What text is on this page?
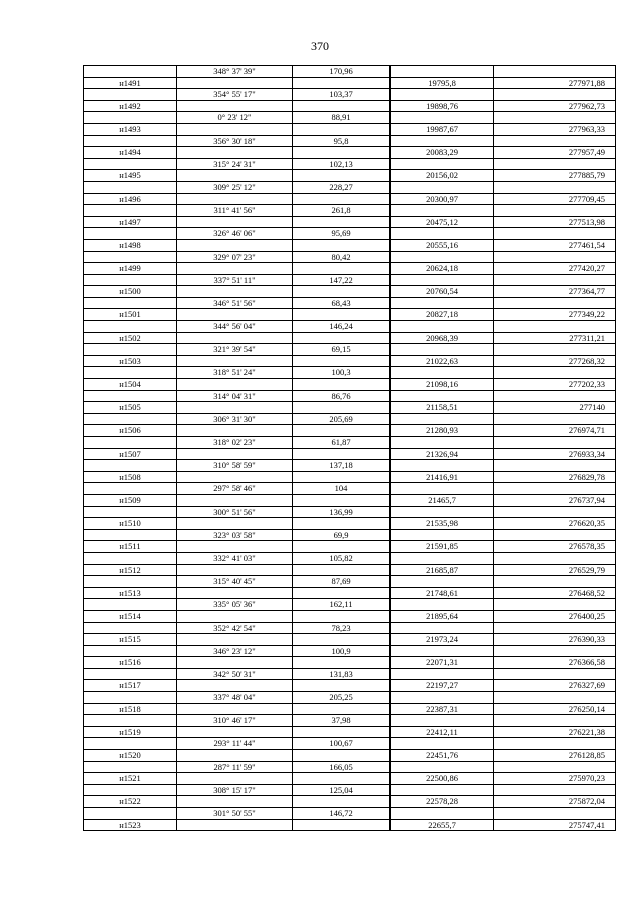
370
	348° 37' 39"	170,96			
н1491				19795,8	277971,88
	354° 55' 17"	103,37			
н1492				19898,76	277962,73
	0° 23' 12"	88,91			
н1493				19987,67	277963,33
	356° 30' 18"	95,8			
н1494				20083,29	277957,49
	315° 24' 31"	102,13			
н1495				20156,02	277885,79
	309° 25' 12"	228,27			
н1496				20300,97	277709,45
	311° 41' 56"	261,8			
н1497				20475,12	277513,98
	326° 46' 06"	95,69			
н1498				20555,16	277461,54
	329° 07' 23"	80,42			
н1499				20624,18	277420,27
	337° 51' 11"	147,22			
н1500				20760,54	277364,77
	346° 51' 56"	68,43			
н1501				20827,18	277349,22
	344° 56' 04"	146,24			
н1502				20968,39	277311,21
	321° 39' 54"	69,15			
н1503				21022,63	277268,32
	318° 51' 24"	100,3			
н1504				21098,16	277202,33
	314° 04' 31"	86,76			
н1505				21158,51	277140
	306° 31' 30"	205,69			
н1506				21280,93	276974,71
	318° 02' 23"	61,87			
н1507				21326,94	276933,34
	310° 58' 59"	137,18			
н1508				21416,91	276829,78
	297° 58' 46"	104			
н1509				21465,7	276737,94
	300° 51' 56"	136,99			
н1510				21535,98	276620,35
	323° 03' 58"	69,9			
н1511				21591,85	276578,35
	332° 41' 03"	105,82			
н1512				21685,87	276529,79
	315° 40' 45"	87,69			
н1513				21748,61	276468,52
	335° 05' 36"	162,11			
н1514				21895,64	276400,25
	352° 42' 54"	78,23			
н1515				21973,24	276390,33
	346° 23' 12"	100,9			
н1516				22071,31	276366,58
	342° 50' 31"	131,83			
н1517				22197,27	276327,69
	337° 48' 04"	205,25			
н1518				22387,31	276250,14
	310° 46' 17"	37,98			
н1519				22412,11	276221,38
	293° 11' 44"	100,67			
н1520				22451,76	276128,85
	287° 11' 59"	166,05			
н1521				22500,86	275970,23
	308° 15' 17"	125,04			
н1522				22578,28	275872,04
	301° 50' 55"	146,72			
н1523				22655,7	275747,41
